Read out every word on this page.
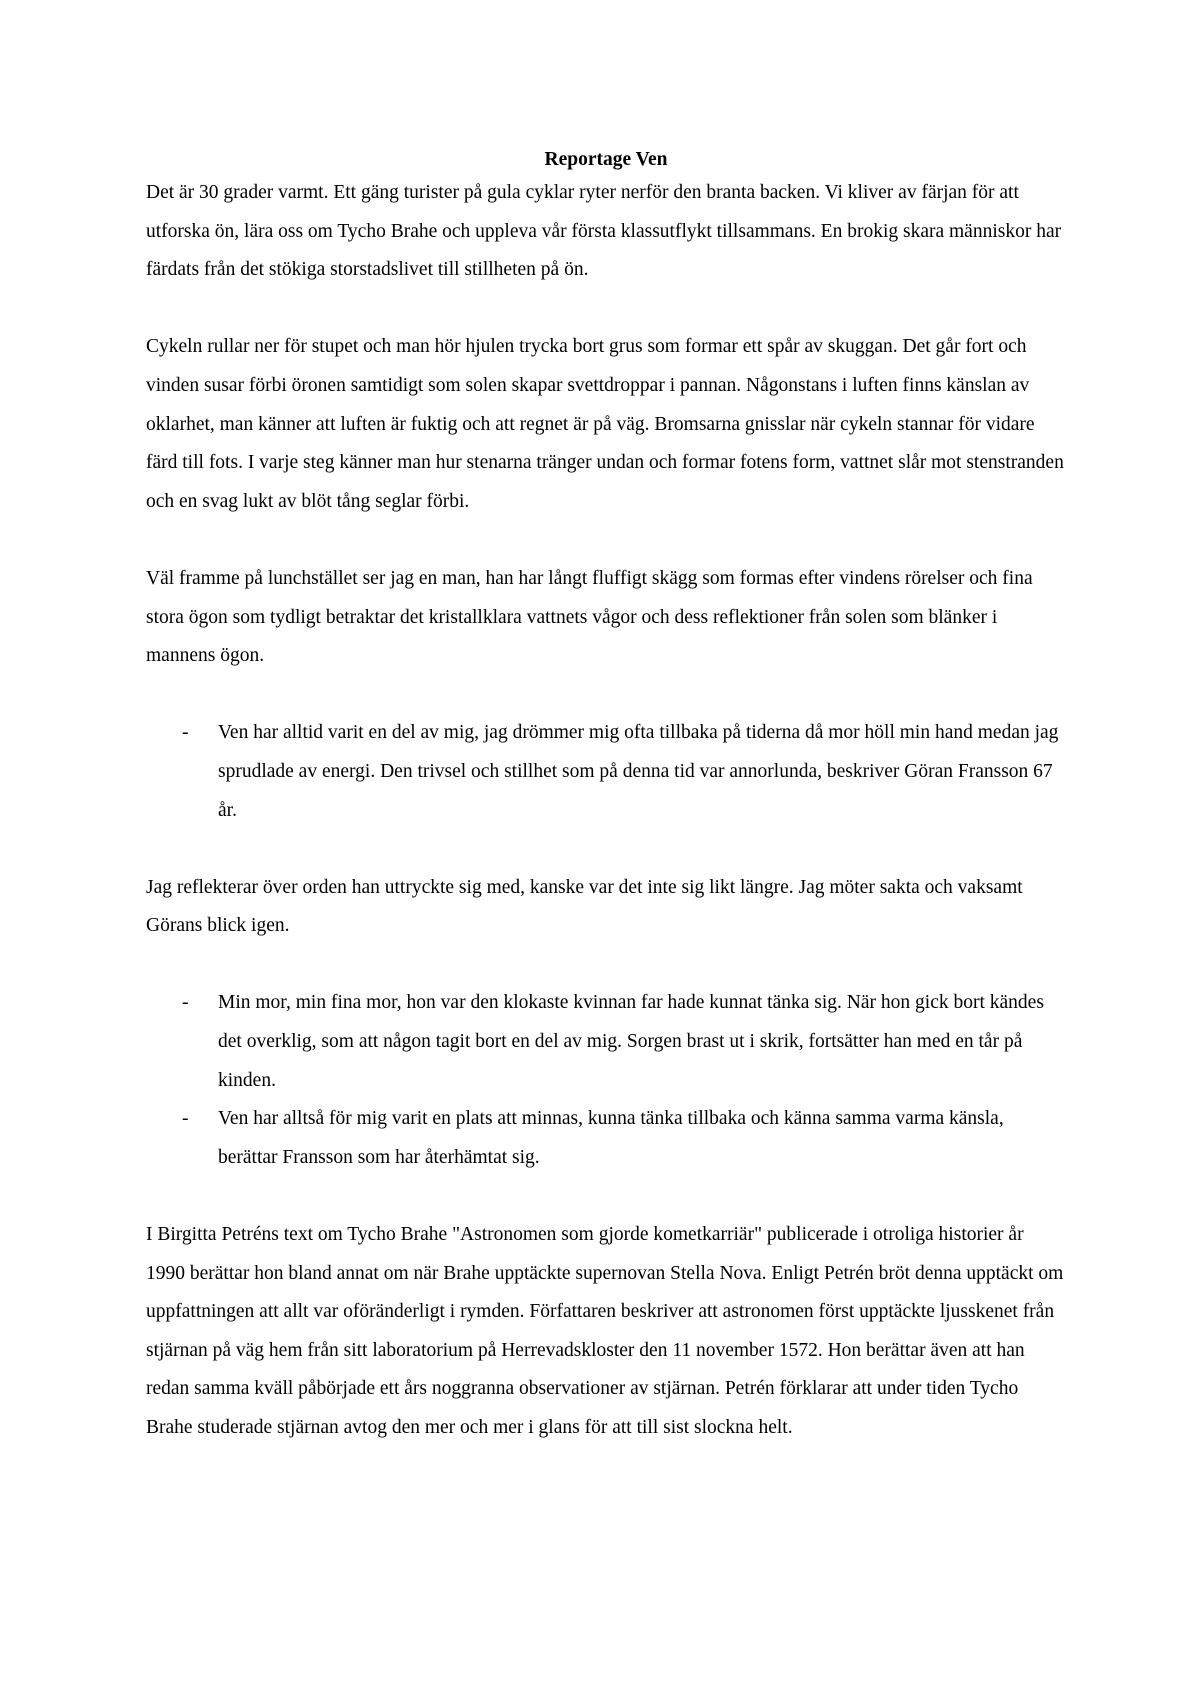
Reportage Ven

Det är 30 grader varmt. Ett gäng turister på gula cyklar ryter nerför den branta backen. Vi kliver av färjan för att utforska ön, lära oss om Tycho Brahe och uppleva vår första klassutflykt tillsammans. En brokig skara människor har färdats från det stökiga storstadslivet till stillheten på ön.

Cykeln rullar ner för stupet och man hör hjulen trycka bort grus som formar ett spår av skuggan. Det går fort och vinden susar förbi öronen samtidigt som solen skapar svettdroppar i pannan. Någonstans i luften finns känslan av oklarhet, man känner att luften är fuktig och att regnet är på väg. Bromsarna gnisslar när cykeln stannar för vidare färd till fots. I varje steg känner man hur stenarna tränger undan och formar fotens form, vattnet slår mot stenstranden och en svag lukt av blöt tång seglar förbi.

Väl framme på lunchstället ser jag en man, han har långt fluffigt skägg som formas efter vindens rörelser och fina stora ögon som tydligt betraktar det kristallklara vattnets vågor och dess reflektioner från solen som blänker i mannens ögon.

- Ven har alltid varit en del av mig, jag drömmer mig ofta tillbaka på tiderna då mor höll min hand medan jag sprudlade av energi. Den trivsel och stillhet som på denna tid var annorlunda, beskriver Göran Fransson 67 år.

Jag reflekterar över orden han uttryckte sig med, kanske var det inte sig likt längre. Jag möter sakta och vaksamt Görans blick igen.

- Min mor, min fina mor, hon var den klokaste kvinnan far hade kunnat tänka sig. När hon gick bort kändes det overklig, som att någon tagit bort en del av mig. Sorgen brast ut i skrik, fortsätter han med en tår på kinden.
- Ven har alltså för mig varit en plats att minnas, kunna tänka tillbaka och känna samma varma känsla, berättar Fransson som har återhämtat sig.

I Birgitta Petréns text om Tycho Brahe "Astronomen som gjorde kometkarriär" publicerade i otroliga historier år 1990 berättar hon bland annat om när Brahe upptäckte supernovan Stella Nova. Enligt Petrén bröt denna upptäckt om uppfattningen att allt var oföränderligt i rymden. Författaren beskriver att astronomen först upptäckte ljusskenet från stjärnan på väg hem från sitt laboratorium på Herrevadskloster den 11 november 1572. Hon berättar även att han redan samma kväll påbörjade ett års noggranna observationer av stjärnan. Petrén förklarar att under tiden Tycho Brahe studerade stjärnan avtog den mer och mer i glans för att till sist slockna helt.
